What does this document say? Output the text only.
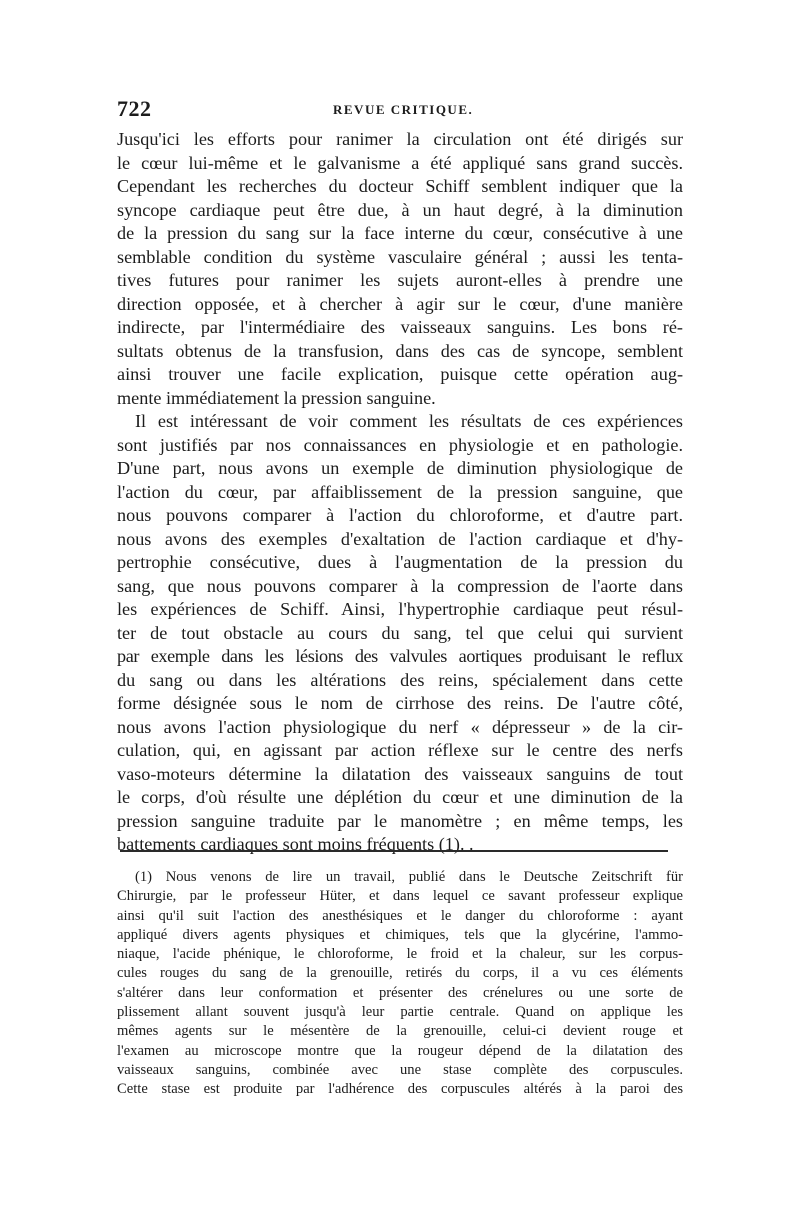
722	REVUE CRITIQUE.
Jusqu'ici les efforts pour ranimer la circulation ont été dirigés sur
le cœur lui-même et le galvanisme a été appliqué sans grand succès.
Cependant les recherches du docteur Schiff semblent indiquer que la
syncope cardiaque peut être due, à un haut degré, à la diminution
de la pression du sang sur la face interne du cœur, consécutive à une
semblable condition du système vasculaire général ; aussi les tenta-
tives futures pour ranimer les sujets auront-elles à prendre une
direction opposée, et à chercher à agir sur le cœur, d'une manière
indirecte, par l'intermédiaire des vaisseaux sanguins. Les bons ré-
sultats obtenus de la transfusion, dans des cas de syncope, semblent
ainsi trouver une facile explication, puisque cette opération aug-
mente immédiatement la pression sanguine.
Il est intéressant de voir comment les résultats de ces expériences
sont justifiés par nos connaissances en physiologie et en pathologie.
D'une part, nous avons un exemple de diminution physiologique de
l'action du cœur, par affaiblissement de la pression sanguine, que
nous pouvons comparer à l'action du chloroforme, et d'autre part.
nous avons des exemples d'exaltation de l'action cardiaque et d'hy-
pertrophie consécutive, dues à l'augmentation de la pression du
sang, que nous pouvons comparer à la compression de l'aorte dans
les expériences de Schiff. Ainsi, l'hypertrophie cardiaque peut résul-
ter de tout obstacle au cours du sang, tel que celui qui survient
par exemple dans les lésions des valvules aortiques produisant le reflux
du sang ou dans les altérations des reins, spécialement dans cette
forme désignée sous le nom de cirrhose des reins. De l'autre côté,
nous avons l'action physiologique du nerf « dépresseur » de la cir-
culation, qui, en agissant par action réflexe sur le centre des nerfs
vaso-moteurs détermine la dilatation des vaisseaux sanguins de tout
le corps, d'où résulte une déplétion du cœur et une diminution de la
pression sanguine traduite par le manomètre ; en même temps, les
battements cardiaques sont moins fréquents (1). .
(1) Nous venons de lire un travail, publié dans le Deutsche Zeitschrift für
Chirurgie, par le professeur Hüter, et dans lequel ce savant professeur explique
ainsi qu'il suit l'action des anesthésiques et le danger du chloroforme : ayant
appliqué divers agents physiques et chimiques, tels que la glycérine, l'ammo-
niaque, l'acide phénique, le chloroforme, le froid et la chaleur, sur les corpus-
cules rouges du sang de la grenouille, retirés du corps, il a vu ces éléments
s'altérer dans leur conformation et présenter des crénelures ou une sorte de
plissement allant souvent jusqu'à leur partie centrale. Quand on applique les
mêmes agents sur le mésentère de la grenouille, celui-ci devient rouge et
l'examen au microscope montre que la rougeur dépend de la dilatation des
vaisseaux sanguins, combinée avec une stase complète des corpuscules.
Cette stase est produite par l'adhérence des corpuscules altérés à la paroi des
